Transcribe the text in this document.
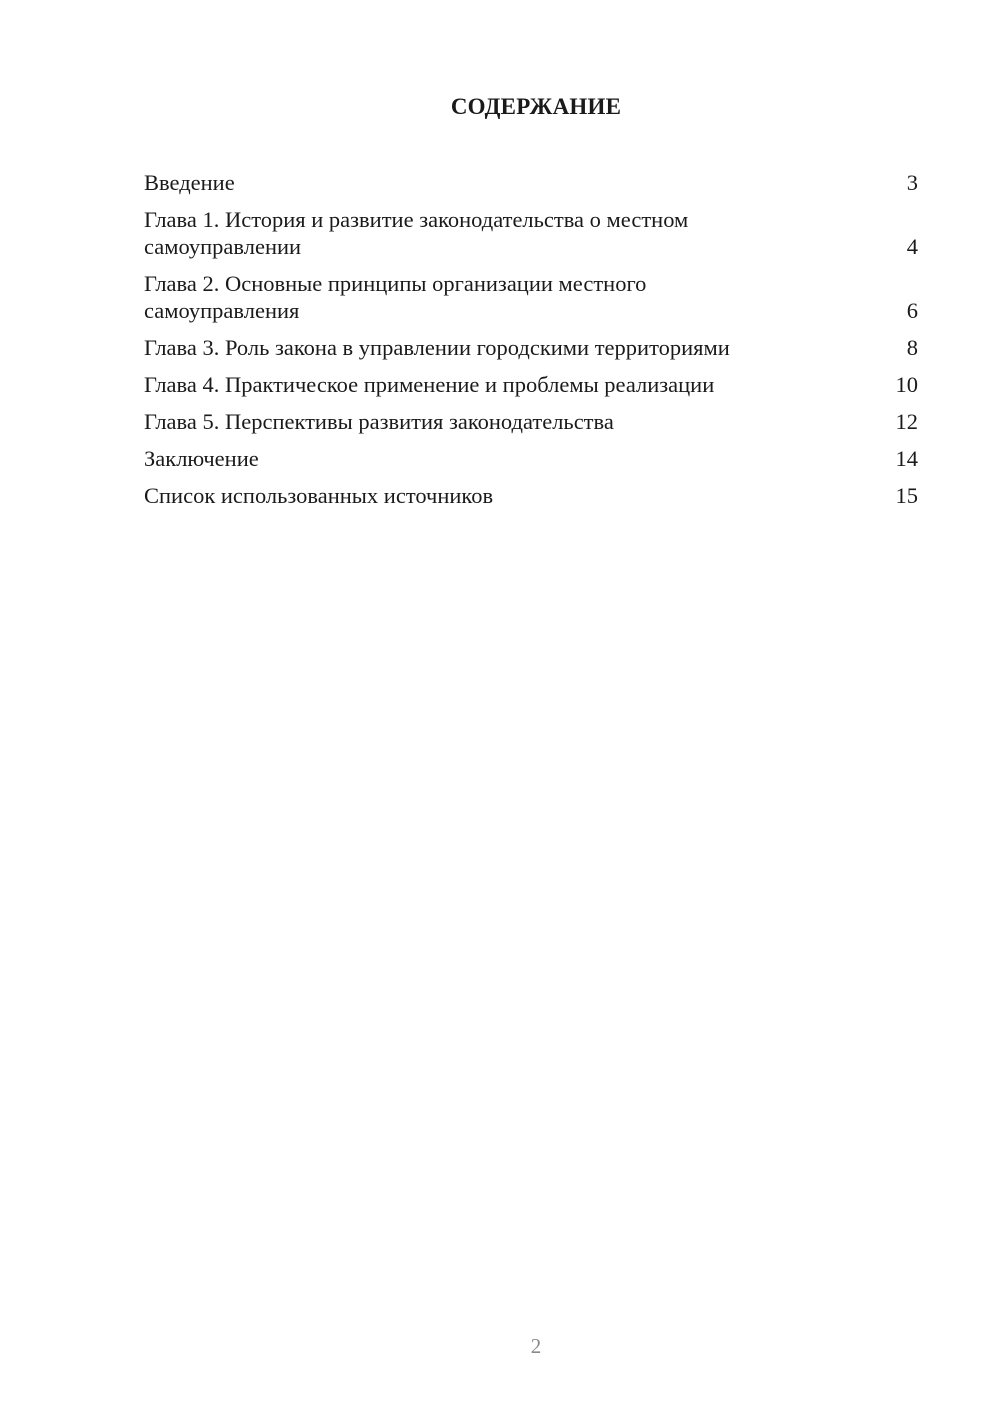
СОДЕРЖАНИЕ
Введение	3
Глава 1. История и развитие законодательства о местном самоуправлении	4
Глава 2. Основные принципы организации местного самоуправления	6
Глава 3. Роль закона в управлении городскими территориями	8
Глава 4. Практическое применение и проблемы реализации	10
Глава 5. Перспективы развития законодательства	12
Заключение	14
Список использованных источников	15
2
